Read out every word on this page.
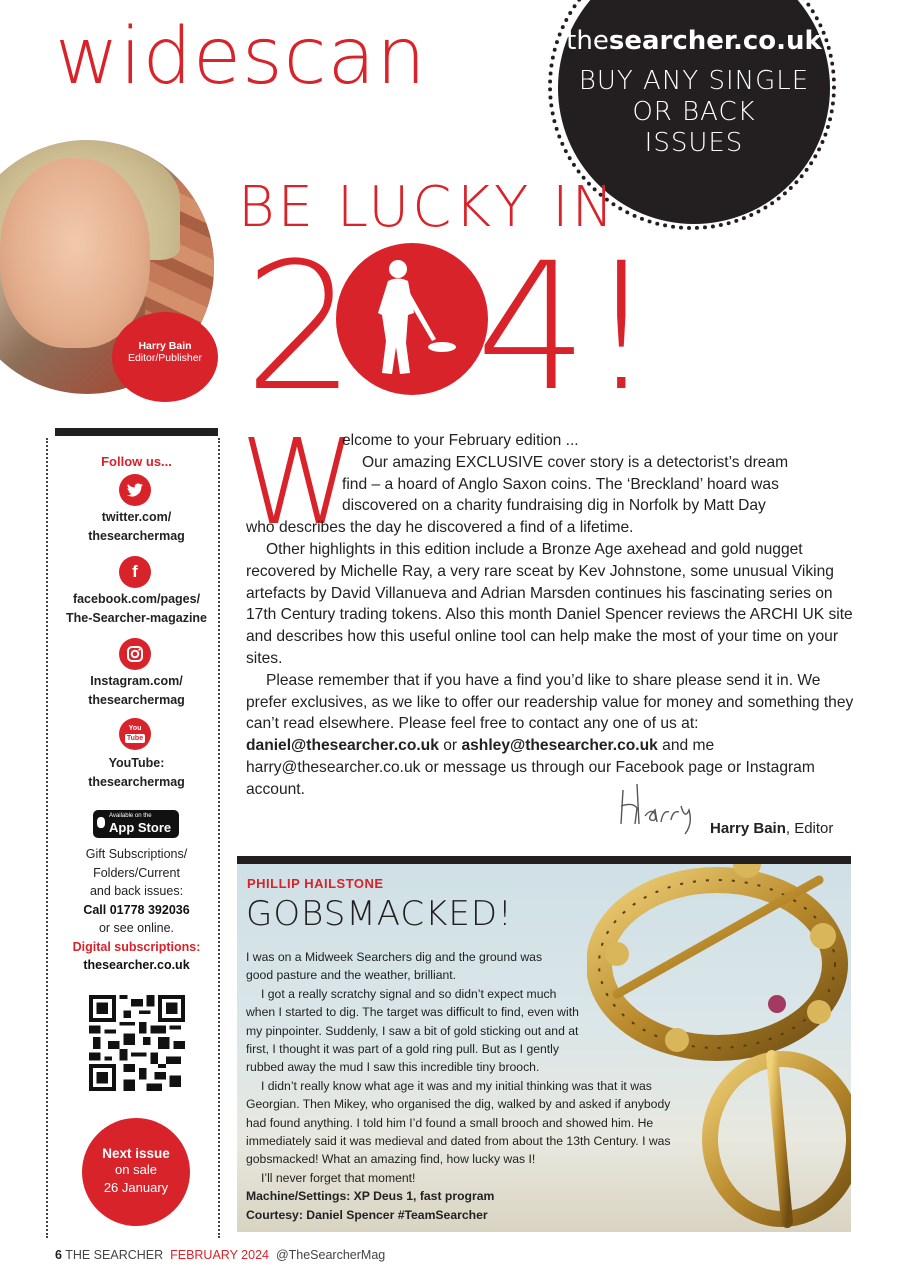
widescan	thesearcher.co.uk
BUY ANY SINGLE
OR BACK
ISSUES
Harry Bain
Editor/Publisher
BE LUCKY IN
2 4
!
Follow us...
twitter.com/
thesearchermag
f
facebook.com/pages/
The-Searcher-magazine
Instagram.com/
thesearchermag
You
Tube
YouTube:
thesearchermag
Available on the
App Store
Gift Subscriptions/
Folders/Current
and back issues:
Call 01778 392036
or see online.
Digital subscriptions:
thesearcher.co.uk
Next issue
on sale
26 January
W

elcome to your February edition ...

Our amazing EXCLUSIVE cover story is a detectorist’s dream

find – a hoard of Anglo Saxon coins. The ‘Breckland’ hoard was

discovered on a charity fundraising dig in Norfolk by Matt Day

who describes the day he discovered a find of a lifetime.

Other highlights in this edition include a Bronze Age axehead and gold nugget recovered by Michelle Ray, a very rare sceat by Kev Johnstone, some unusual Viking artefacts by David Villanueva and Adrian Marsden continues his fascinating series on 17th Century trading tokens. Also this month Daniel Spencer reviews the ARCHI UK site and describes how this useful online tool can help make the most of your time on your sites.

Please remember that if you have a find you’d like to share please send it in. We prefer exclusives, as we like to offer our readership value for money and something they can’t read elsewhere. Please feel free to contact any one of us at: daniel@thesearcher.co.uk or ashley@thesearcher.co.uk and me harry@thesearcher.co.uk or message us through our Facebook page or Instagram account.

Harry
Harry Bain, Editor
PHILLIP HAILSTONE
GOBSMACKED!

I was on a Midweek Searchers dig and the ground was good pasture and the weather, brilliant.

I got a really scratchy signal and so didn’t expect much when I started to dig. The target was difficult to find, even with my pinpointer. Suddenly, I saw a bit of gold sticking out and at first, I thought it was part of a gold ring pull. But as I gently rubbed away the mud I saw this incredible tiny brooch.

I didn’t really know what age it was and my initial thinking was that it was Georgian. Then Mikey, who organised the dig, walked by and asked if anybody had found anything. I told him I’d found a small brooch and showed him. He immediately said it was medieval and dated from about the 13th Century. I was gobsmacked! What an amazing find, how lucky was I!

I’ll never forget that moment!

Machine/Settings: XP Deus 1, fast program

Courtesy: Daniel Spencer #TeamSearcher

6 THE SEARCHER FEBRUARY 2024 @TheSearcherMag
